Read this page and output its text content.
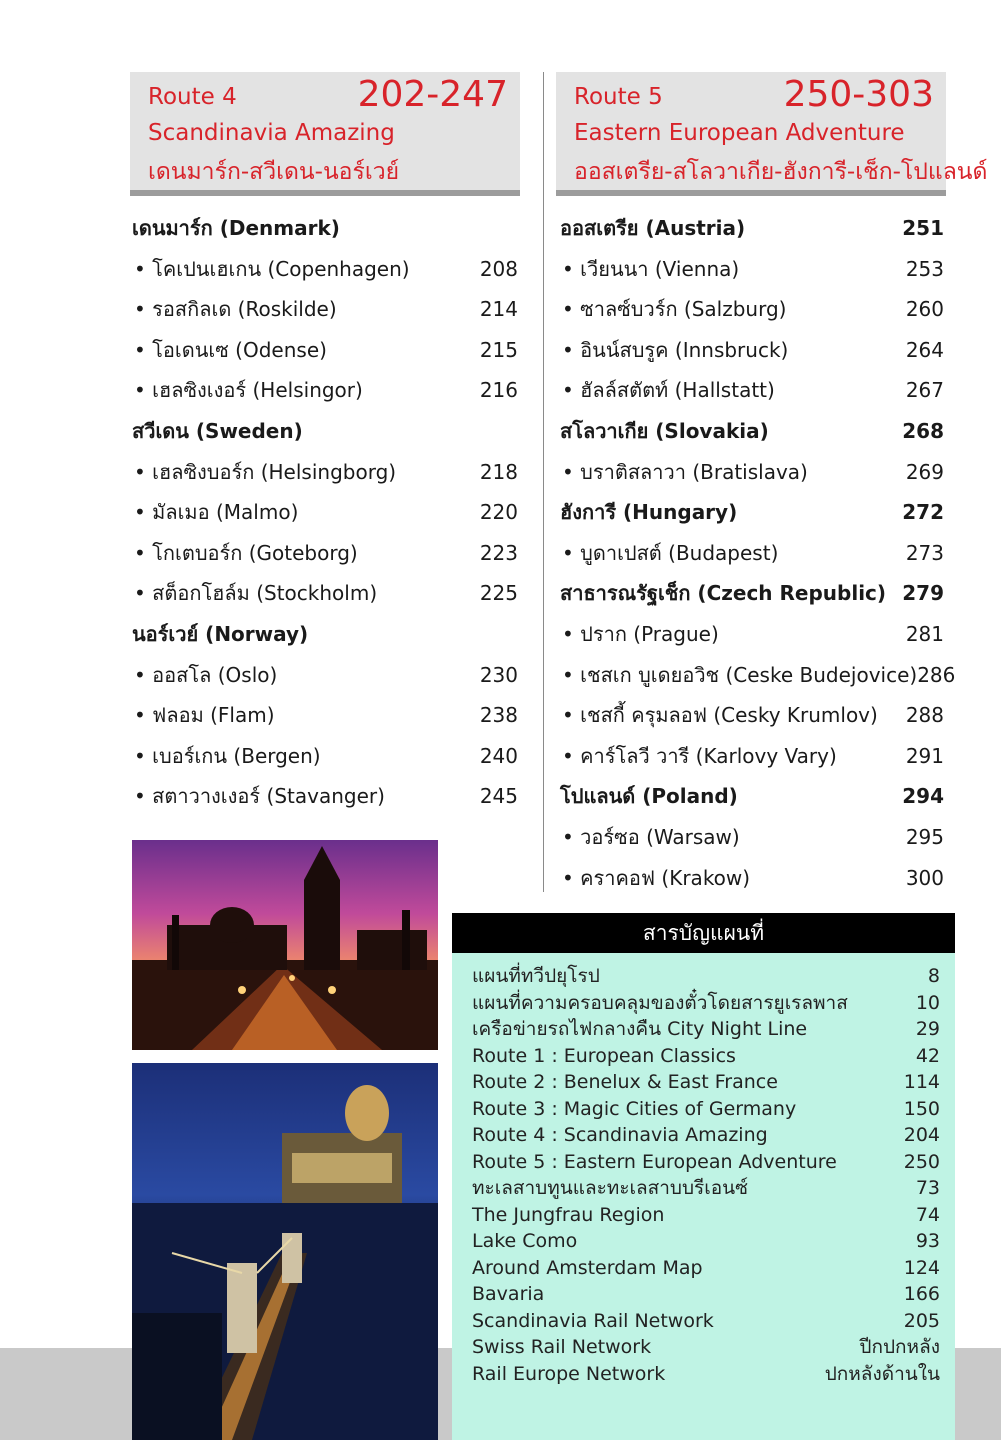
Route 4	202-247
Scandinavia Amazing
เดนมาร์ก-สวีเดน-นอร์เวย์
Route 5	250-303
Eastern European Adventure
ออสเตรีย-สโลวาเกีย-ฮังการี-เช็ก-โปแลนด์
เดนมาร์ก (Denmark)
• โคเปนเฮเกน (Copenhagen)	208
• รอสกิลเด (Roskilde)	214
• โอเดนเซ (Odense)	215
• เฮลซิงเงอร์ (Helsingor)	216
สวีเดน (Sweden)
• เฮลซิงบอร์ก (Helsingborg)	218
• มัลเมอ (Malmo)	220
• โกเตบอร์ก (Goteborg)	223
• สต็อกโฮล์ม (Stockholm)	225
นอร์เวย์ (Norway)
• ออสโล (Oslo)	230
• ฟลอม (Flam)	238
• เบอร์เกน (Bergen)	240
• สตาวางเงอร์ (Stavanger)	245
ออสเตรีย (Austria)	251
• เวียนนา (Vienna)	253
• ซาลซ์บวร์ก (Salzburg)	260
• อินน์สบรูค (Innsbruck)	264
• ฮัลล์สตัตท์ (Hallstatt)	267
สโลวาเกีย (Slovakia)	268
• บราติสลาวา (Bratislava)	269
ฮังการี (Hungary)	272
• บูดาเปสต์ (Budapest)	273
สาธารณรัฐเช็ก (Czech Republic) 279
• ปราก (Prague)	281
• เชสเก บูเดยอวิช (Ceske Budejovice) 286
• เชสกี้ ครุมลอฟ (Cesky Krumlov) 288
• คาร์โลวี วารี (Karlovy Vary)	291
โปแลนด์ (Poland)	294
• วอร์ซอ (Warsaw)	295
• คราคอฟ (Krakow)	300
สารบัญแผนที่
แผนที่ทวีปยุโรป	8
แผนที่ความครอบคลุมของตั๋วโดยสารยูเรลพาส	10
เครือข่ายรถไฟกลางคืน City Night Line	29
Route 1 : European Classics	42
Route 2 : Benelux & East France	114
Route 3 : Magic Cities of Germany	150
Route 4 : Scandinavia Amazing	204
Route 5 : Eastern European Adventure	250
ทะเลสาบทูนและทะเลสาบบรีเอนซ์	73
The Jungfrau Region	74
Lake Como	93
Around Amsterdam Map	124
Bavaria	166
Scandinavia Rail Network	205
Swiss Rail Network	ปีกปกหลัง
Rail Europe Network	ปกหลังด้านใน
